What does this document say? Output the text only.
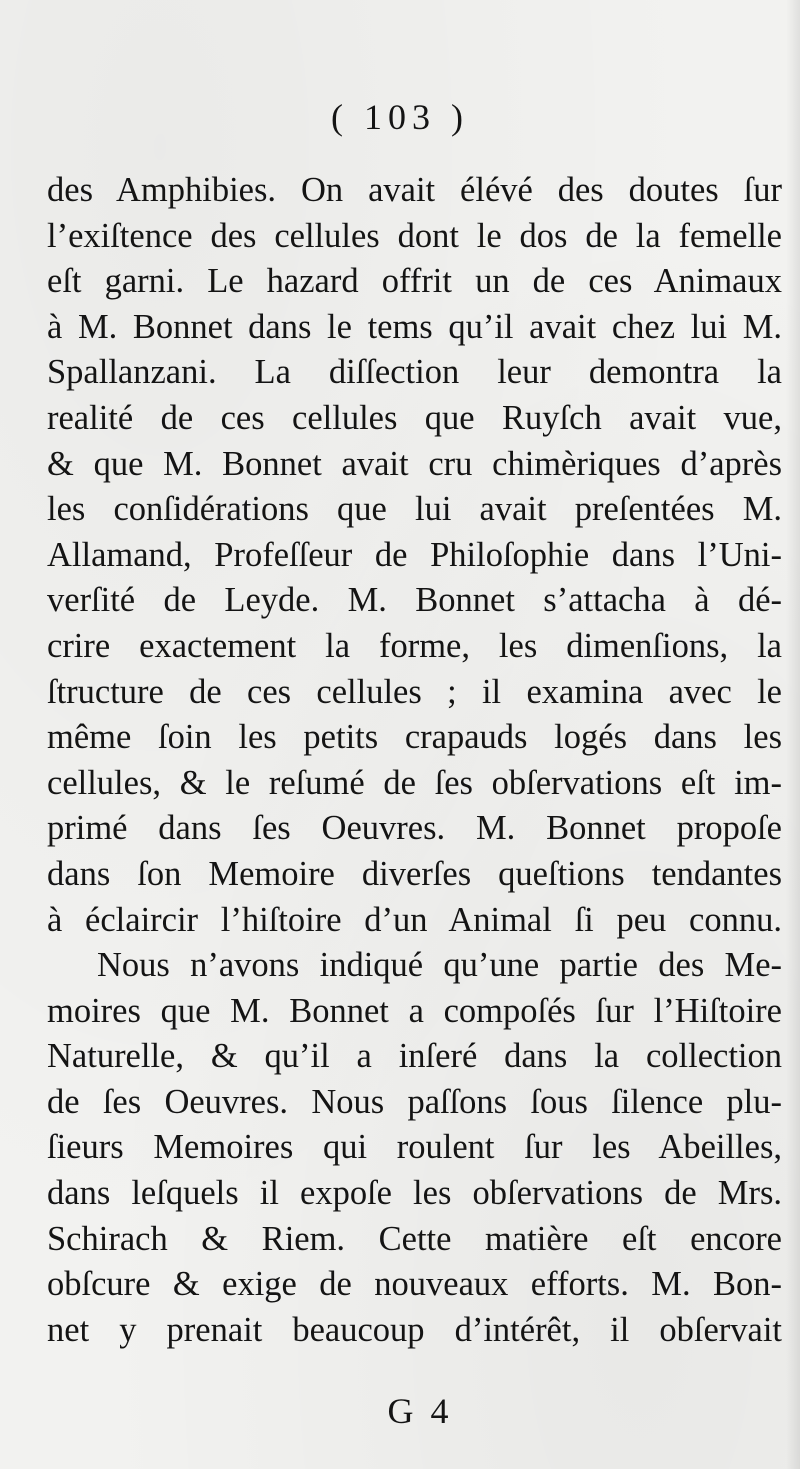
( 103 )
des Amphibies. On avait élévé des doutes ſur
l’exiſtence des cellules dont le dos de la femelle
eſt garni. Le hazard offrit un de ces Animaux
à M. Bonnet dans le tems qu’il avait chez lui M.
Spallanzani. La diſſection leur demontra la
realité de ces cellules que Ruyſch avait vue,
& que M. Bonnet avait cru chimèriques d’après
les conſidérations que lui avait preſentées M.
Allamand, Profeſſeur de Philoſophie dans l’Uni-
verſité de Leyde. M. Bonnet s’attacha à dé-
crire exactement la forme, les dimenſions, la
ſtructure de ces cellules ; il examina avec le
même ſoin les petits crapauds logés dans les
cellules, & le reſumé de ſes obſervations eſt im-
primé dans ſes Oeuvres. M. Bonnet propoſe
dans ſon Memoire diverſes queſtions tendantes
à éclaircir l’hiſtoire d’un Animal ſi peu connu.
Nous n’avons indiqué qu’une partie des Me-
moires que M. Bonnet a compoſés ſur l’Hiſtoire
Naturelle, & qu’il a inſeré dans la collection
de ſes Oeuvres. Nous paſſons ſous ſilence plu-
ſieurs Memoires qui roulent ſur les Abeilles,
dans leſquels il expoſe les obſervations de Mrs.
Schirach & Riem. Cette matière eſt encore
obſcure & exige de nouveaux efforts. M. Bon-
net y prenait beaucoup d’intérêt, il obſervait
G 4
